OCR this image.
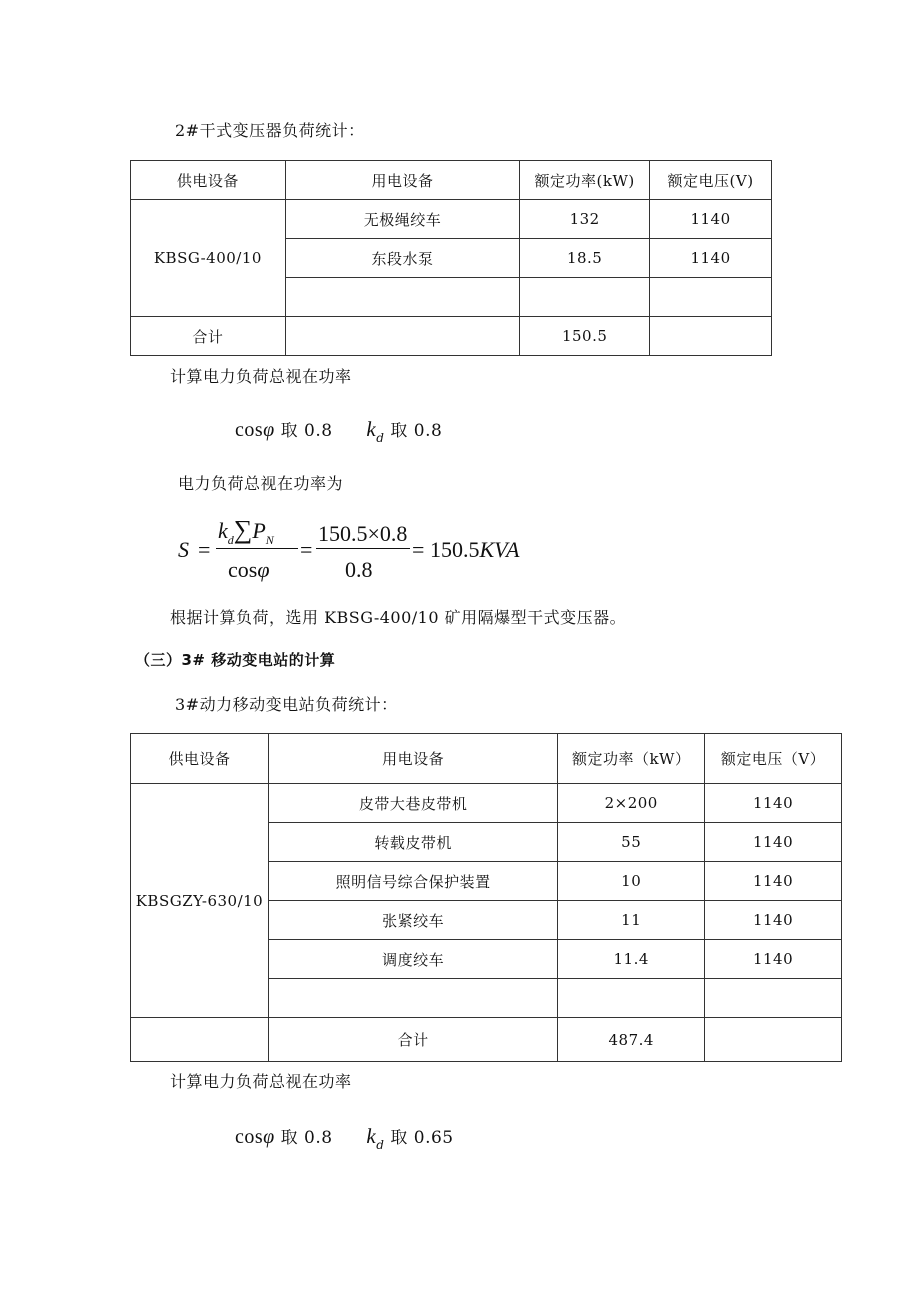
2#干式变压器负荷统计：
供电设备	用电设备	额定功率(kW)	额定电压(V)
KBSG-400/10	无极绳绞车	132	1140
	东段水泵	18.5	1140

合计		150.5	
计算电力负荷总视在功率
cosφ 取 0.8 $k_d$ 取 0.8
电力负荷总视在功率为
S =
$k_d\sum P_N$
cosφ
=
150.5×0.8
0.8
= 150.5KVA
根据计算负荷，选用 KBSG-400/10 矿用隔爆型干式变压器。
（三）3# 移动变电站的计算
3#动力移动变电站负荷统计：
供电设备	用电设备	额定功率（kW）	额定电压（V）
KBSGZY-630/10	皮带大巷皮带机	2×200	1140
	转载皮带机	55	1140
	照明信号综合保护装置	10	1140
	张紧绞车	11	1140
	调度绞车	11.4	1140

	合计	487.4	
计算电力负荷总视在功率
cosφ 取 0.8 $k_d$ 取 0.65
